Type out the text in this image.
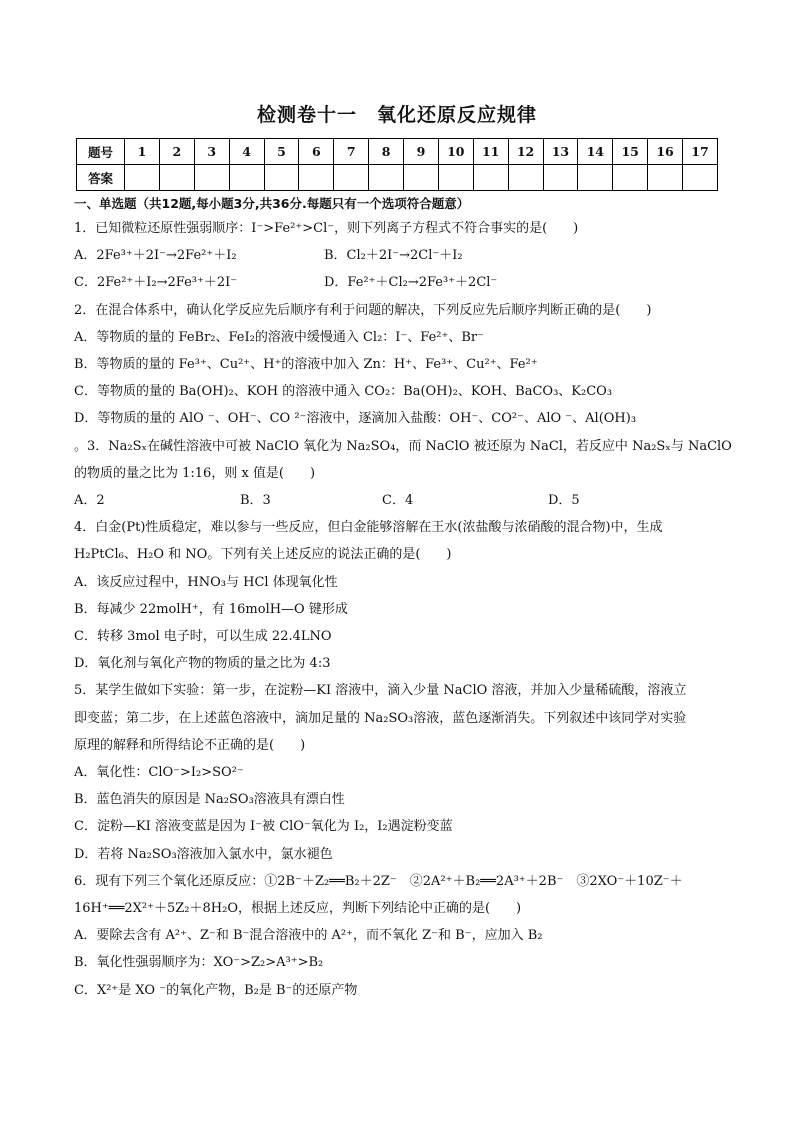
检测卷十一　氧化还原反应规律
题号	1	2	3	4	5	6	7	8	9	10	11	12	13	14	15	16	17
答案																	
一、单选题（共12题,每小题3分,共36分.每题只有一个选项符合题意）
1．已知微粒还原性强弱顺序：I⁻>Fe²⁺>Cl⁻，则下列离子方程式不符合事实的是(　　)
A．2Fe³⁺＋2I⁻→2Fe²⁺＋I₂	B．Cl₂＋2I⁻→2Cl⁻＋I₂
C．2Fe²⁺＋I₂→2Fe³⁺＋2I⁻	D．Fe²⁺＋Cl₂→2Fe³⁺＋2Cl⁻
2．在混合体系中，确认化学反应先后顺序有利于问题的解决，下列反应先后顺序判断正确的是(　　)
A．等物质的量的 FeBr₂、FeI₂的溶液中缓慢通入 Cl₂：I⁻、Fe²⁺、Br⁻
B．等物质的量的 Fe³⁺、Cu²⁺、H⁺的溶液中加入 Zn：H⁺、Fe³⁺、Cu²⁺、Fe²⁺
C．等物质的量的 Ba(OH)₂、KOH 的溶液中通入 CO₂：Ba(OH)₂、KOH、BaCO₃、K₂CO₃
D．等物质的量的 AlO ⁻、OH⁻、CO ²⁻溶液中，逐滴加入盐酸：OH⁻、CO²⁻、AlO ⁻、Al(OH)₃
。3．Na₂Sₓ在碱性溶液中可被 NaClO 氧化为 Na₂SO₄，而 NaClO 被还原为 NaCl，若反应中 Na₂Sₓ与 NaClO
的物质的量之比为 1:16，则 x 值是(　　)
A．2	B．3	C．4	D．5
4．白金(Pt)性质稳定，难以参与一些反应，但白金能够溶解在王水(浓盐酸与浓硝酸的混合物)中，生成
H₂PtCl₆、H₂O 和 NO。下列有关上述反应的说法正确的是(　　)
A．该反应过程中，HNO₃与 HCl 体现氧化性
B．每减少 22molH⁺，有 16molH—O 键形成
C．转移 3mol 电子时，可以生成 22.4LNO
D．氧化剂与氧化产物的物质的量之比为 4:3
5．某学生做如下实验：第一步，在淀粉—KI 溶液中，滴入少量 NaClO 溶液，并加入少量稀硫酸，溶液立
即变蓝；第二步，在上述蓝色溶液中，滴加足量的 Na₂SO₃溶液，蓝色逐渐消失。下列叙述中该同学对实验
原理的解释和所得结论不正确的是(　　)
A．氧化性：ClO⁻>I₂>SO²⁻
B．蓝色消失的原因是 Na₂SO₃溶液具有漂白性
C．淀粉—KI 溶液变蓝是因为 I⁻被 ClO⁻氧化为 I₂，I₂遇淀粉变蓝
D．若将 Na₂SO₃溶液加入氯水中，氯水褪色
6．现有下列三个氧化还原反应：①2B⁻＋Z₂══B₂＋2Z⁻　②2A²⁺＋B₂══2A³⁺＋2B⁻　③2XO⁻＋10Z⁻＋
16H⁺══2X²⁺＋5Z₂＋8H₂O，根据上述反应，判断下列结论中正确的是(　　)
A．要除去含有 A²⁺、Z⁻和 B⁻混合溶液中的 A²⁺，而不氧化 Z⁻和 B⁻，应加入 B₂
B．氧化性强弱顺序为：XO⁻>Z₂>A³⁺>B₂
C．X²⁺是 XO ⁻的氧化产物，B₂是 B⁻的还原产物
